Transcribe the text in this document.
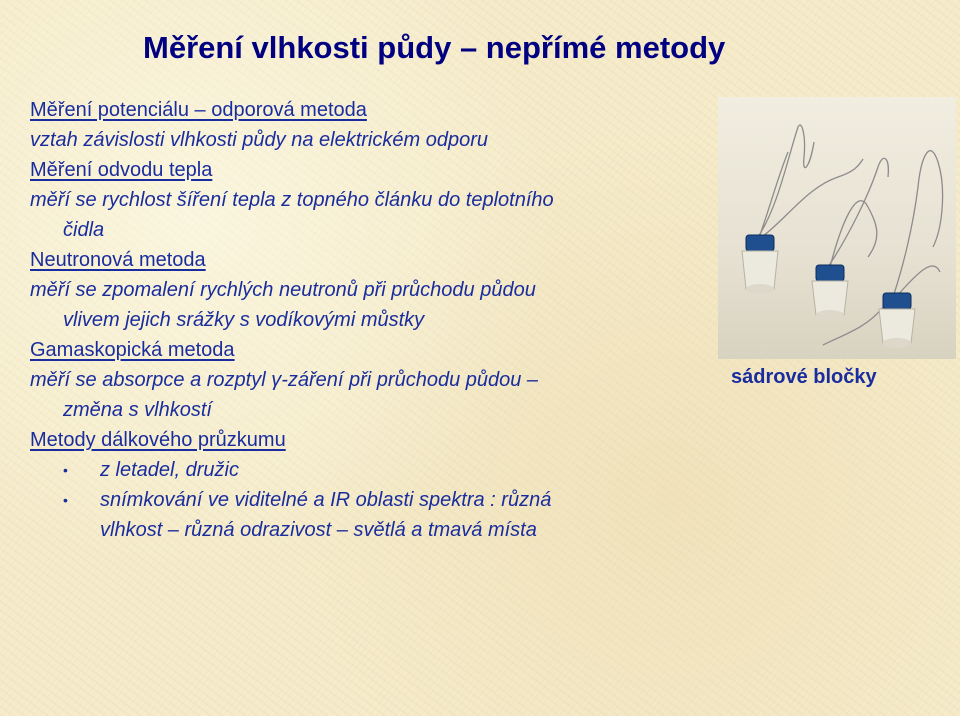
Měření vlhkosti půdy – nepřímé metody
Měření potenciálu – odporová metoda
vztah závislosti vlhkosti půdy na elektrickém odporu
Měření odvodu tepla
měří se rychlost šíření tepla z topného článku do teplotního
čidla
Neutronová metoda
měří se zpomalení rychlých neutronů při průchodu půdou
vlivem jejich srážky s vodíkovými můstky
Gamaskopická metoda
měří se absorpce a rozptyl γ-záření při průchodu půdou –
změna s vlhkostí
Metody dálkového průzkumu
• z letadel, družic
• snímkování ve viditelné a IR oblasti spektra : různá
vlhkost – různá odrazivost – světlá a tmavá místa
sádrové bločky
